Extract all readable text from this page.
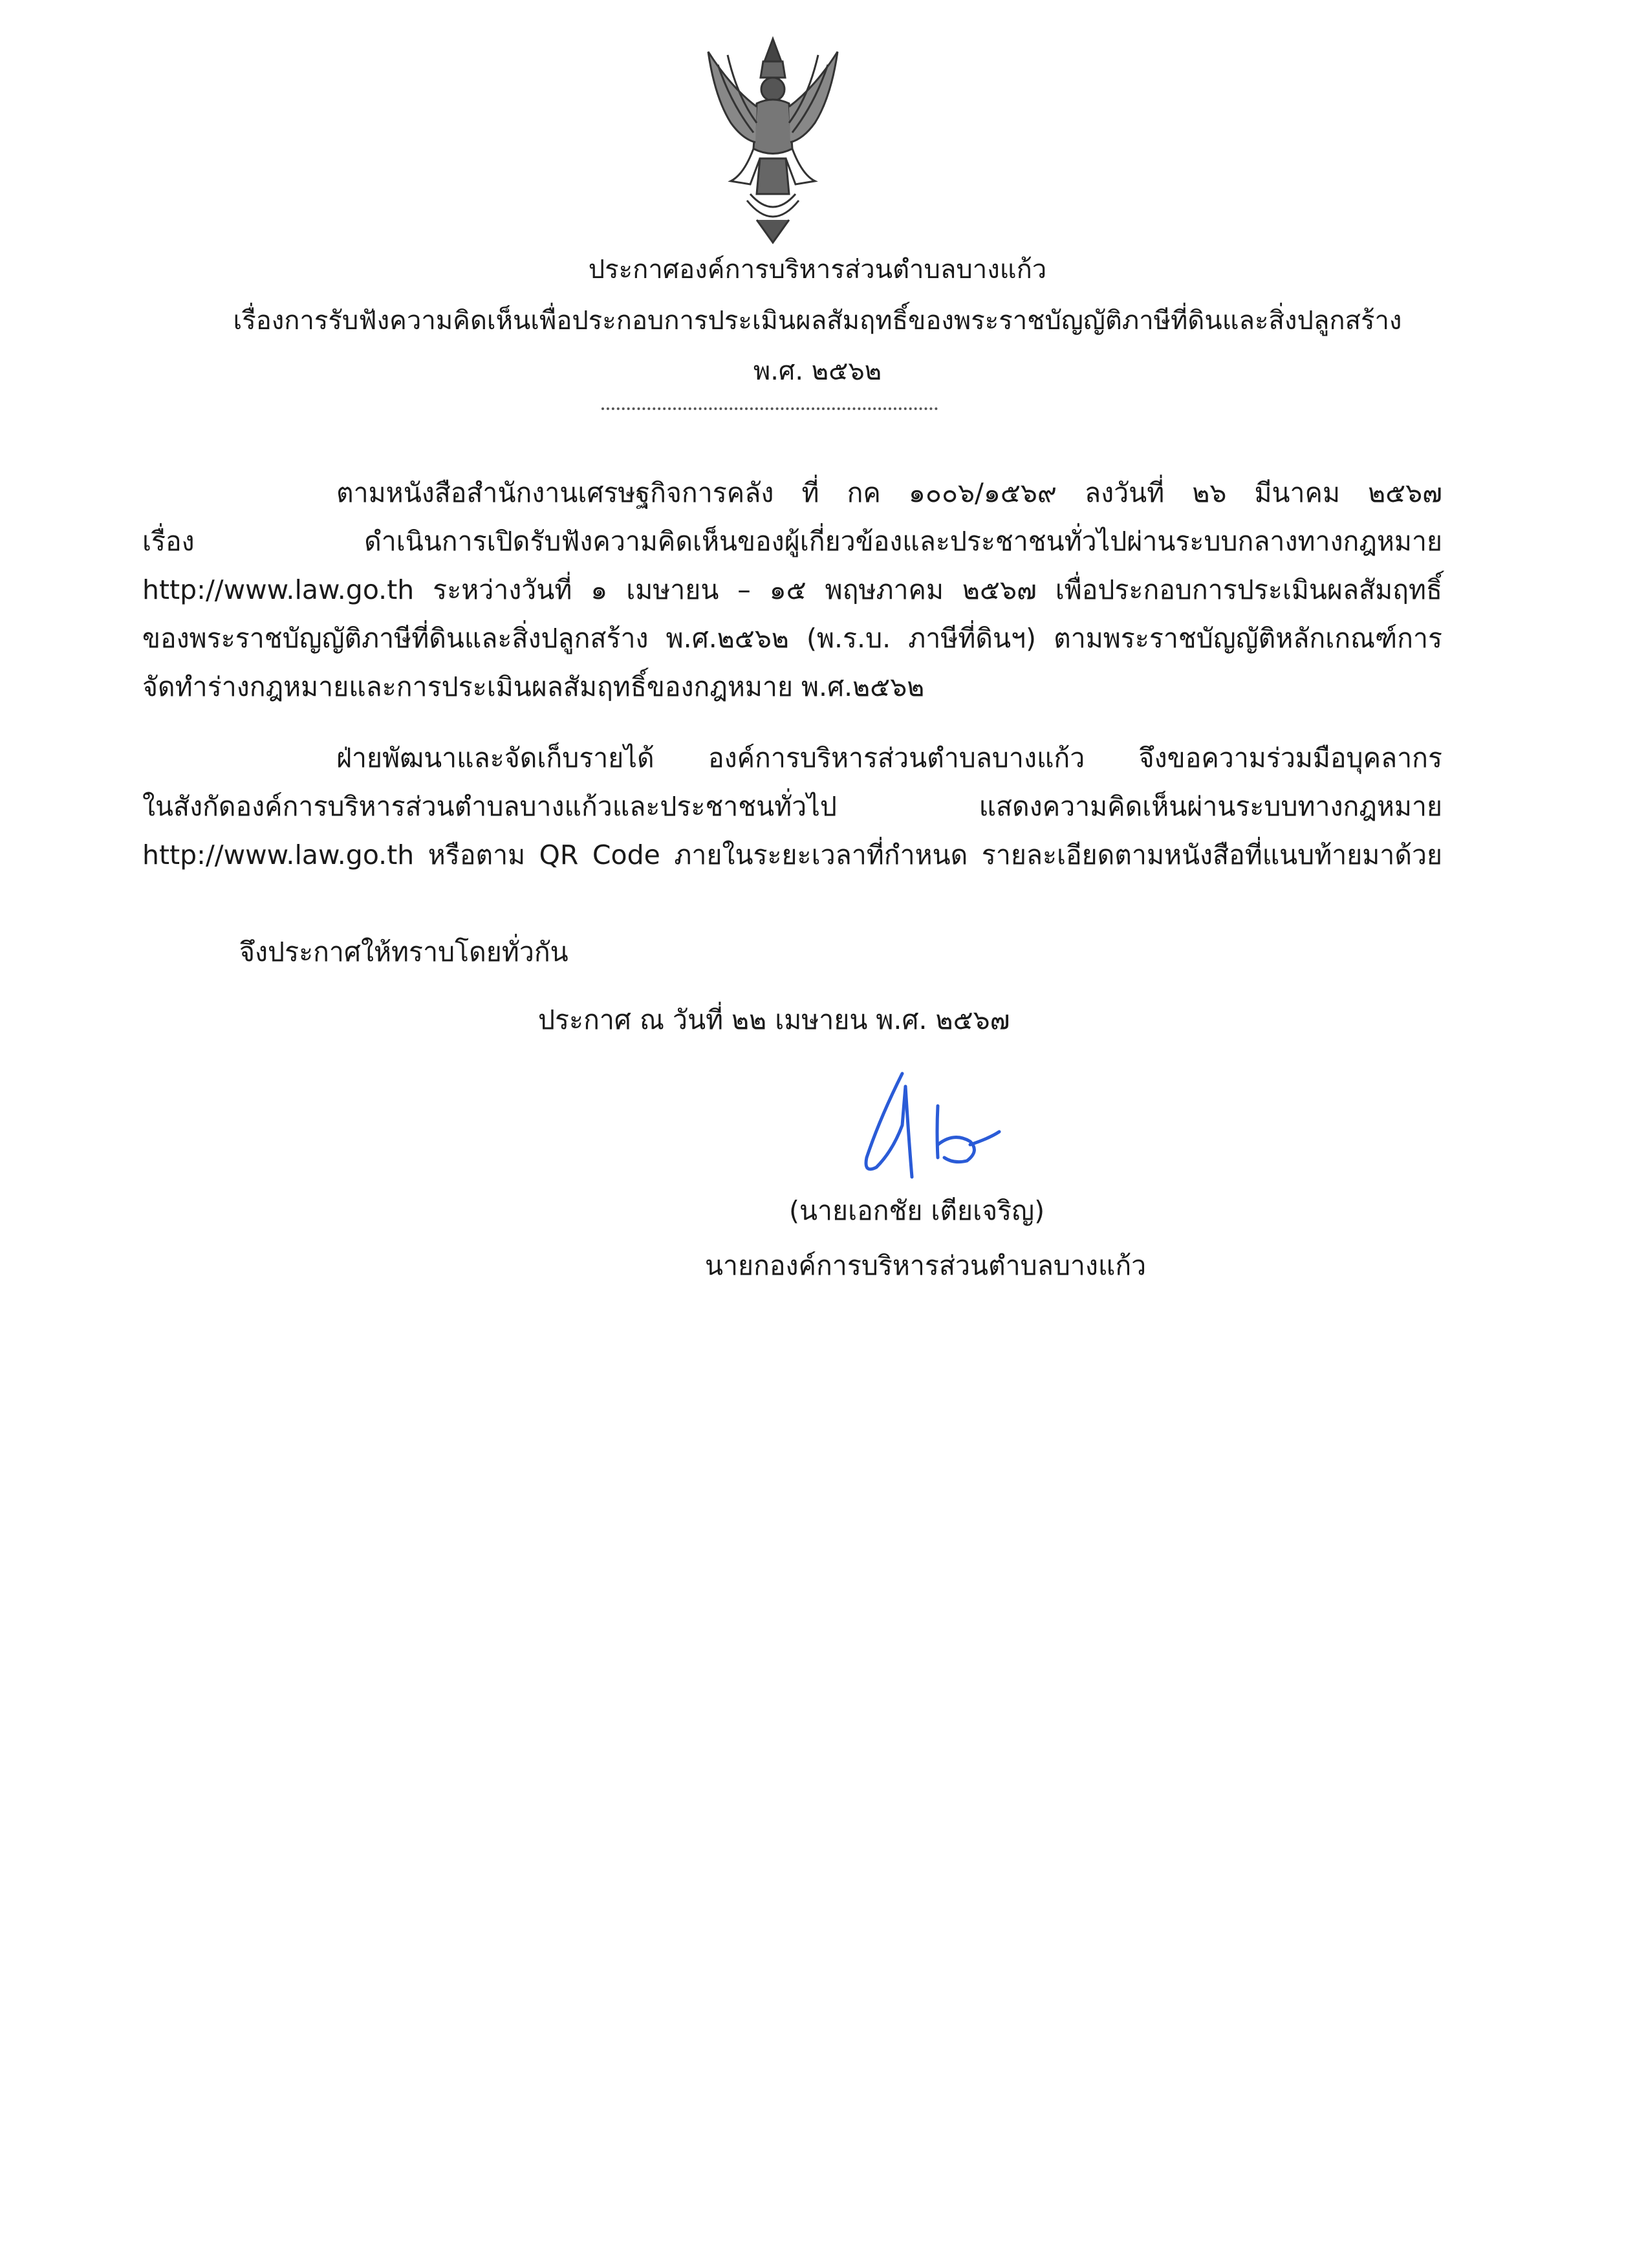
ประกาศองค์การบริหารส่วนตำบลบางแก้ว
เรื่องการรับฟังความคิดเห็นเพื่อประกอบการประเมินผลสัมฤทธิ์ของพระราชบัญญัติภาษีที่ดินและสิ่งปลูกสร้าง
พ.ศ. ๒๕๖๒
ตามหนังสือสำนักงานเศรษฐกิจการคลัง ที่ กค ๑๐๐๖/๑๕๖๙ ลงวันที่ ๒๖ มีนาคม ๒๕๖๗
เรื่อง ดำเนินการเปิดรับฟังความคิดเห็นของผู้เกี่ยวข้องและประชาชนทั่วไปผ่านระบบกลางทางกฎหมาย
http://www.law.go.th ระหว่างวันที่ ๑ เมษายน – ๑๕ พฤษภาคม ๒๕๖๗ เพื่อประกอบการประเมินผลสัมฤทธิ์
ของพระราชบัญญัติภาษีที่ดินและสิ่งปลูกสร้าง พ.ศ.๒๕๖๒ (พ.ร.บ. ภาษีที่ดินฯ) ตามพระราชบัญญัติหลักเกณฑ์การ
จัดทำร่างกฎหมายและการประเมินผลสัมฤทธิ์ของกฎหมาย พ.ศ.๒๕๖๒
ฝ่ายพัฒนาและจัดเก็บรายได้ องค์การบริหารส่วนตำบลบางแก้ว จึงขอความร่วมมือบุคลากร
ในสังกัดองค์การบริหารส่วนตำบลบางแก้วและประชาชนทั่วไป แสดงความคิดเห็นผ่านระบบทางกฎหมาย
http://www.law.go.th หรือตาม QR Code ภายในระยะเวลาที่กำหนด รายละเอียดตามหนังสือที่แนบท้ายมาด้วย
จึงประกาศให้ทราบโดยทั่วกัน
ประกาศ ณ วันที่ ๒๒ เมษายน พ.ศ. ๒๕๖๗
(นายเอกชัย เตียเจริญ)
นายกองค์การบริหารส่วนตำบลบางแก้ว
